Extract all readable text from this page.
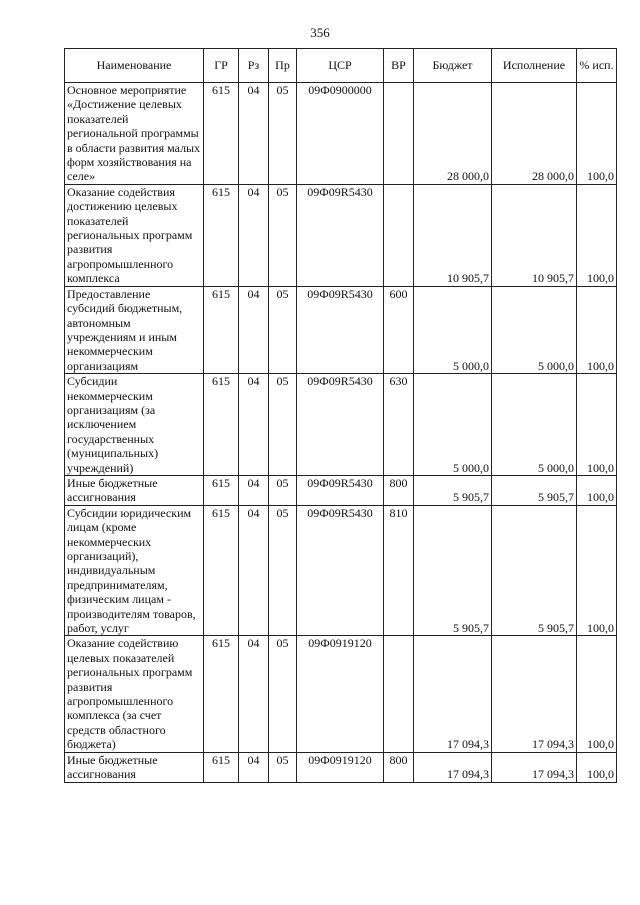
356
Наименование	ГР	Рз	Пр	ЦСР	ВР	Бюджет	Исполнение	% исп.
Основное мероприятие «Достижение целевых показателей региональной программы в области развития малых форм хозяйствования на селе»	615	04	05	09Ф0900000		28 000,0	28 000,0	100,0
Оказание содействия достижению целевых показателей региональных программ развития агропромышленного комплекса	615	04	05	09Ф09R5430		10 905,7	10 905,7	100,0
Предоставление субсидий бюджетным, автономным учреждениям и иным некоммерческим организациям	615	04	05	09Ф09R5430	600	5 000,0	5 000,0	100,0
Субсидии некоммерческим организациям (за исключением государственных (муниципальных) учреждений)	615	04	05	09Ф09R5430	630	5 000,0	5 000,0	100,0
Иные бюджетные ассигнования	615	04	05	09Ф09R5430	800	5 905,7	5 905,7	100,0
Субсидии юридическим лицам (кроме некоммерческих организаций), индивидуальным предпринимателям, физическим лицам - производителям товаров, работ, услуг	615	04	05	09Ф09R5430	810	5 905,7	5 905,7	100,0
Оказание содействию целевых показателей региональных программ развития агропромышленного комплекса (за счет средств областного бюджета)	615	04	05	09Ф0919120		17 094,3	17 094,3	100,0
Иные бюджетные ассигнования	615	04	05	09Ф0919120	800	17 094,3	17 094,3	100,0
